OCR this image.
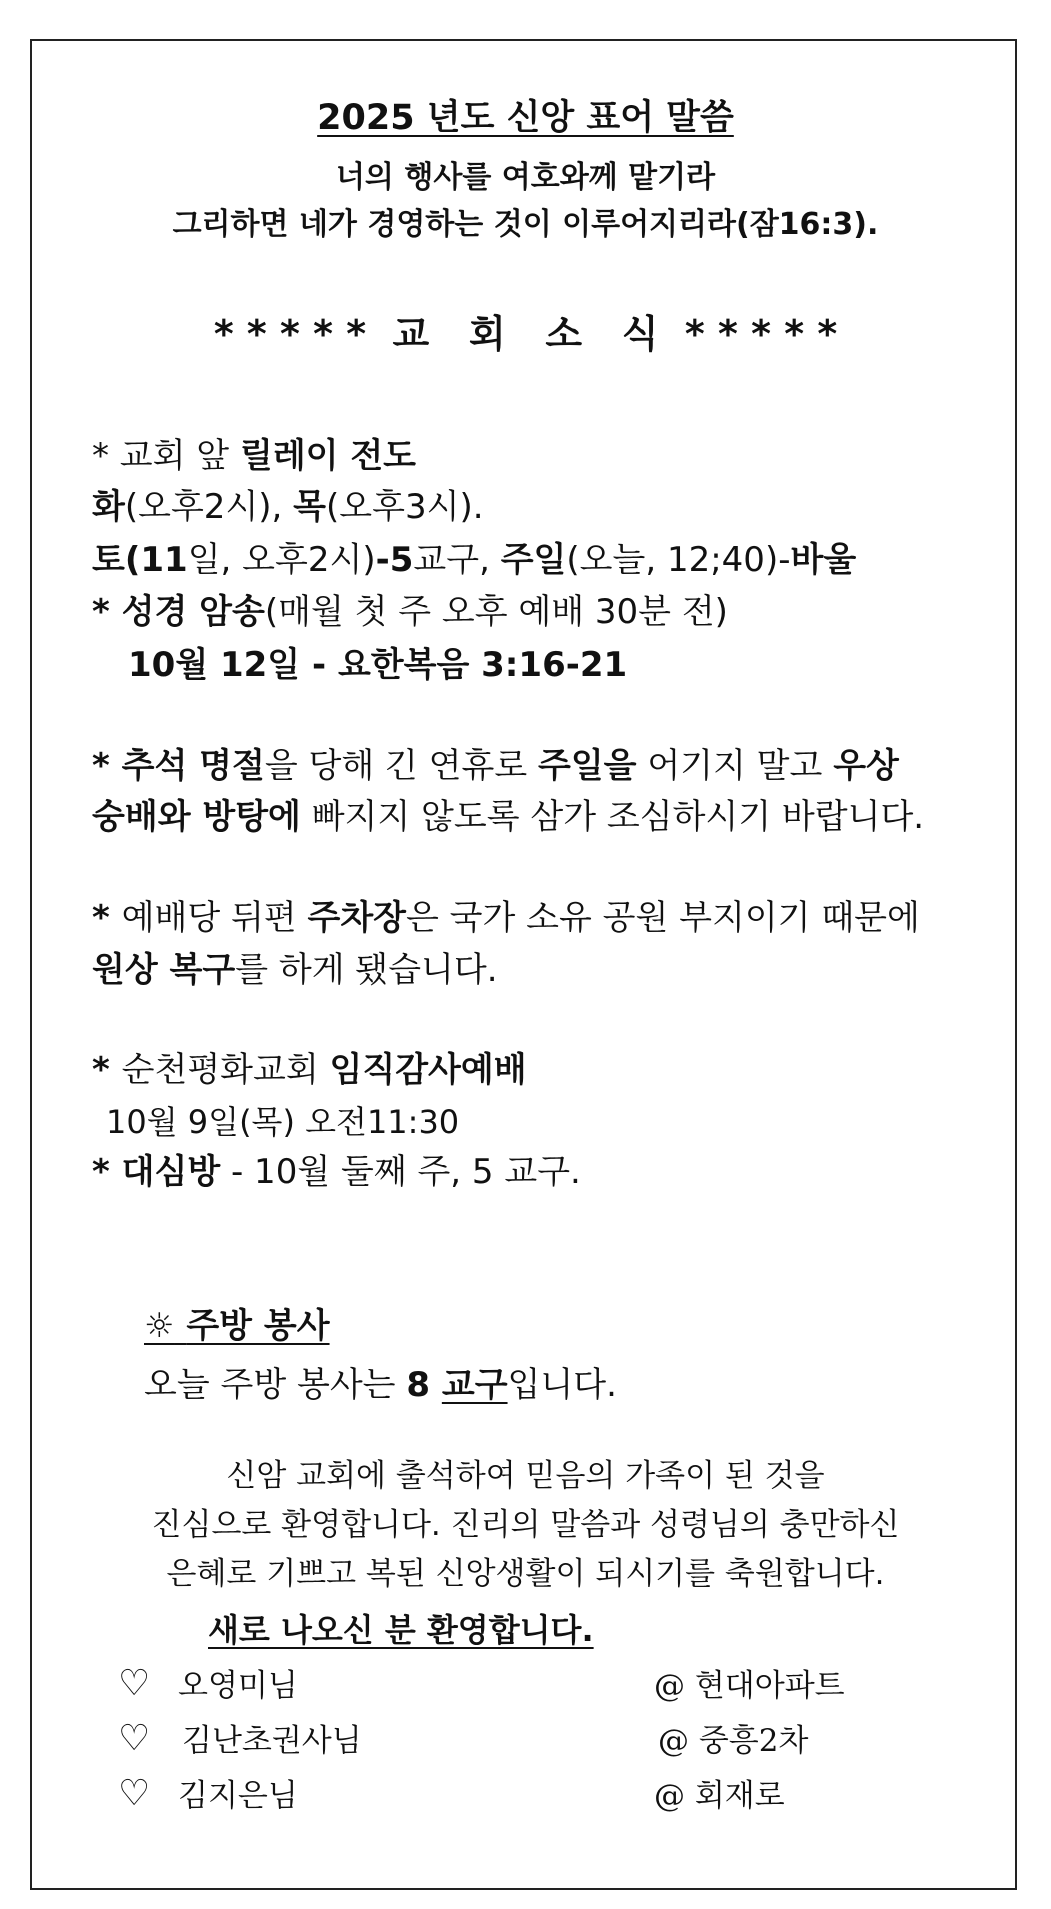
2025 년도 신앙 표어 말씀
너의 행사를 여호와께 맡기라
그리하면 네가 경영하는 것이 이루어지리라(잠16:3).
* * * * *  교   회   소   식  * * * * *
* 교회 앞 릴레이 전도
화(오후2시), 목(오후3시).
토(11일, 오후2시)-5교구, 주일(오늘, 12;40)-바울
* 성경 암송(매월 첫 주 오후 예배 30분 전)
10월 12일 - 요한복음 3:16-21
* 추석 명절을 당해 긴 연휴로 주일을 어기지 말고 우상
숭배와 방탕에 빠지지 않도록 삼가 조심하시기 바랍니다.
* 예배당 뒤편 주차장은 국가 소유 공원 부지이기 때문에
원상 복구를 하게 됐습니다.
* 순천평화교회 임직감사예배
10월 9일(목) 오전11:30
* 대심방 - 10월 둘째 주, 5 교구.
☼ 주방 봉사
오늘 주방 봉사는 8 교구입니다.
신암 교회에 출석하여 믿음의 가족이 된 것을
진심으로 환영합니다. 진리의 말씀과 성령님의 충만하신
은혜로 기쁘고 복된 신앙생활이 되시기를 축원합니다.
새로 나오신 분 환영합니다.
♡ 오영미님	@ 현대아파트
♡ 김난초권사님	@ 중흥2차
♡ 김지은님	@ 회재로
